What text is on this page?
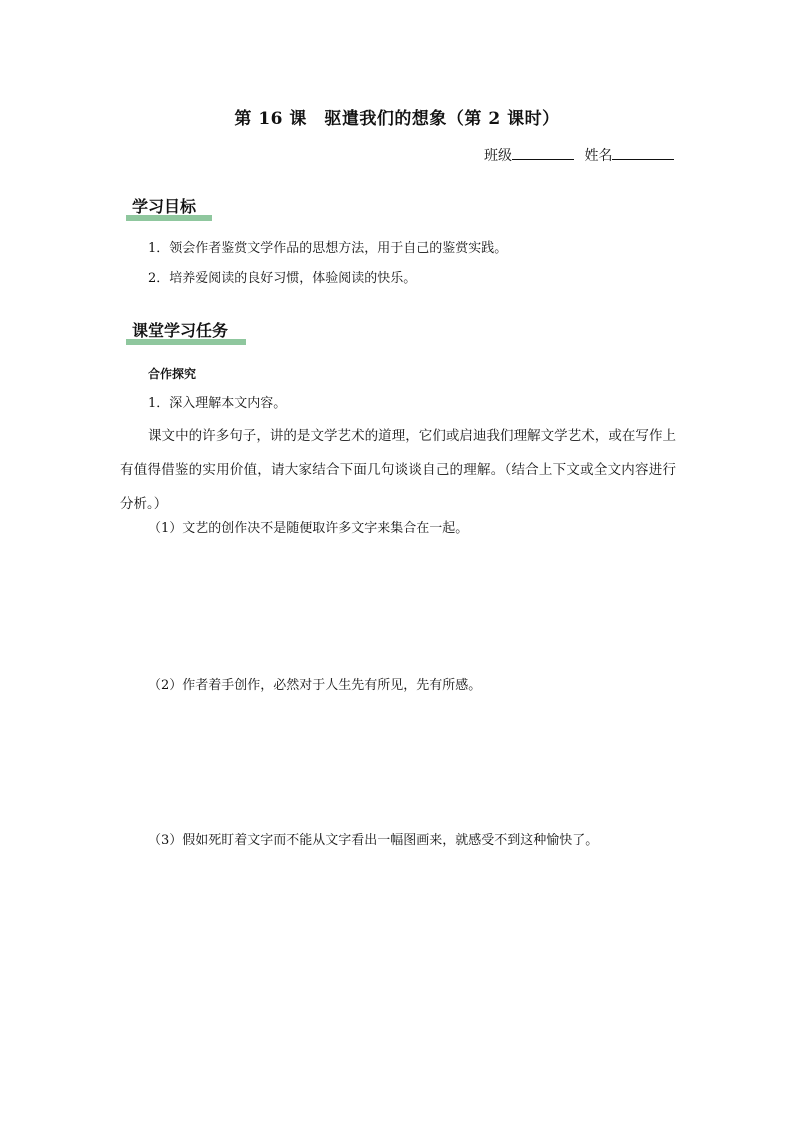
第 16 课　驱遣我们的想象（第 2 课时）
班级	姓名
学习目标
1．领会作者鉴赏文学作品的思想方法，用于自己的鉴赏实践。
2．培养爱阅读的良好习惯，体验阅读的快乐。
课堂学习任务
合作探究
1．深入理解本文内容。
课文中的许多句子，讲的是文学艺术的道理，它们或启迪我们理解文学艺术，或在写作上有值得借鉴的实用价值，请大家结合下面几句谈谈自己的理解。（结合上下文或全文内容进行分析。）
（1）文艺的创作决不是随便取许多文字来集合在一起。
（2）作者着手创作，必然对于人生先有所见，先有所感。
（3）假如死盯着文字而不能从文字看出一幅图画来，就感受不到这种愉快了。
